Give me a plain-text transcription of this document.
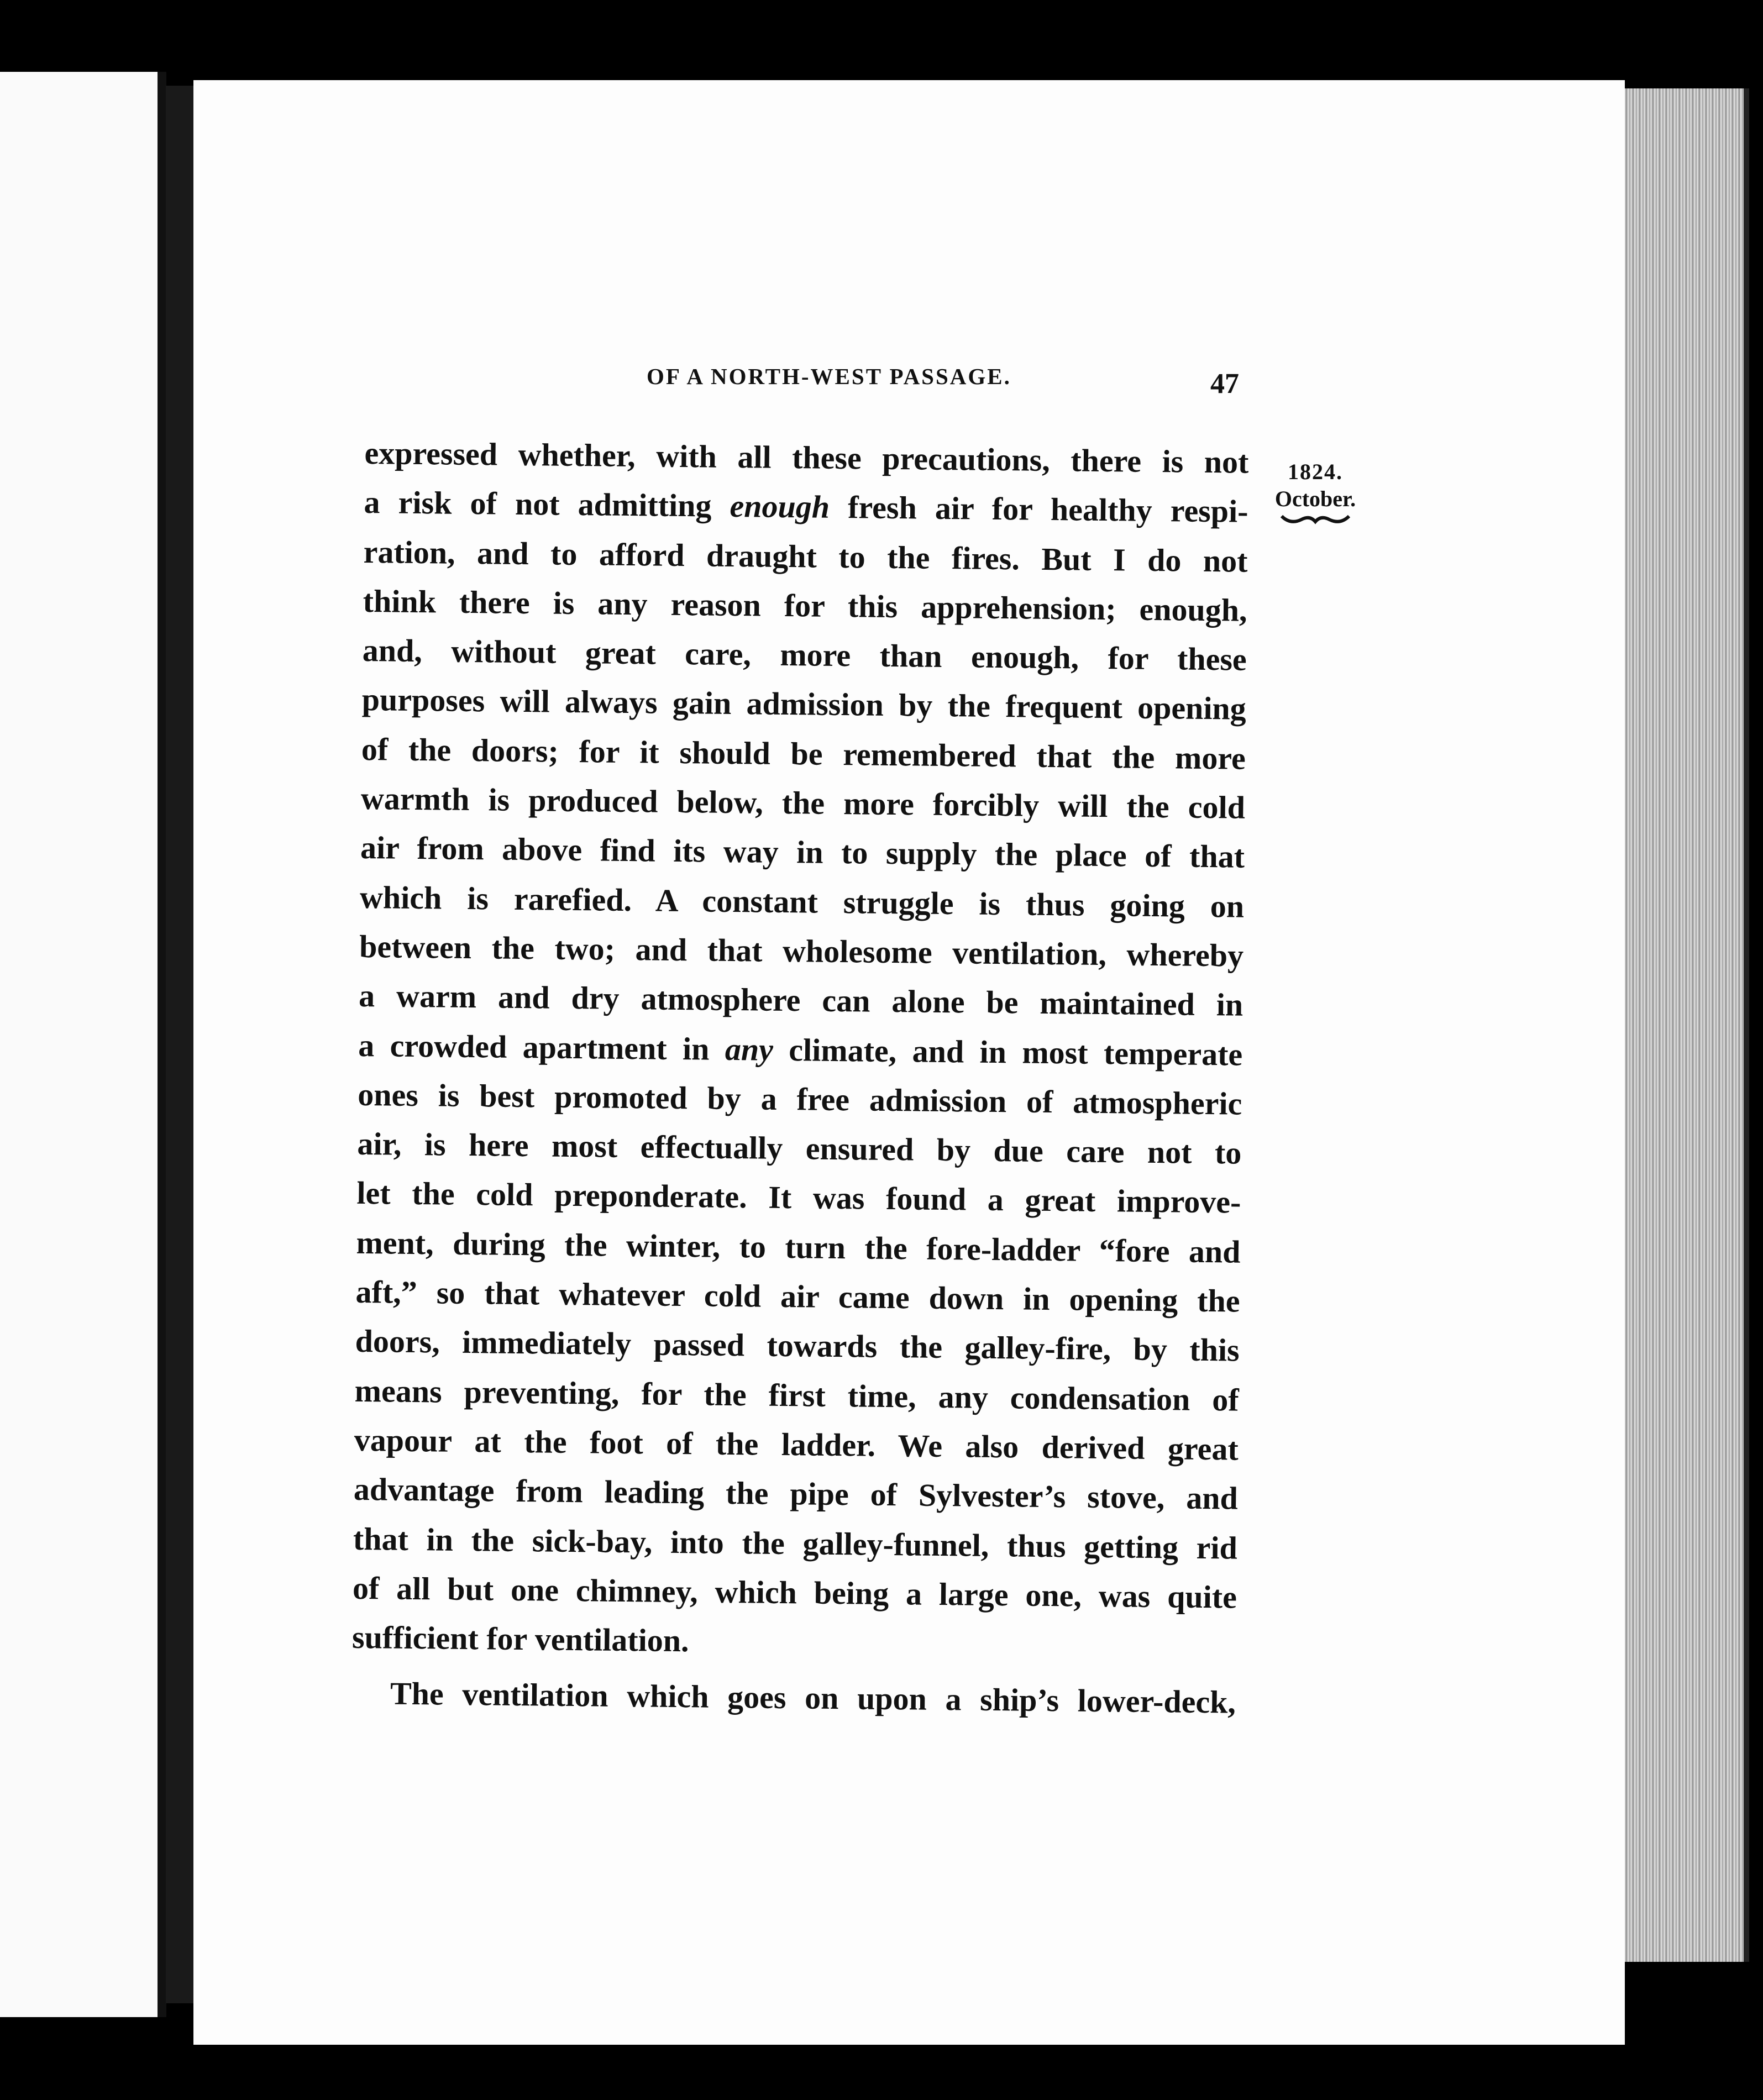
OF A NORTH-WEST PASSAGE.	47
1824.
October.
expressed whether, with all these precautions, there is not
a risk of not admitting enough fresh air for healthy respi-
ration, and to afford draught to the fires. But I do not
think there is any reason for this apprehension; enough,
and, without great care, more than enough, for these
purposes will always gain admission by the frequent opening
of the doors; for it should be remembered that the more
warmth is produced below, the more forcibly will the cold
air from above find its way in to supply the place of that
which is rarefied. A constant struggle is thus going on
between the two; and that wholesome ventilation, whereby
a warm and dry atmosphere can alone be maintained in
a crowded apartment in any climate, and in most temperate
ones is best promoted by a free admission of atmospheric
air, is here most effectually ensured by due care not to
let the cold preponderate. It was found a great improve-
ment, during the winter, to turn the fore-ladder “fore and
aft,” so that whatever cold air came down in opening the
doors, immediately passed towards the galley-fire, by this
means preventing, for the first time, any condensation of
vapour at the foot of the ladder. We also derived great
advantage from leading the pipe of Sylvester’s stove, and
that in the sick-bay, into the galley-funnel, thus getting rid
of all but one chimney, which being a large one, was quite
sufficient for ventilation.
The ventilation which goes on upon a ship’s lower-deck,
